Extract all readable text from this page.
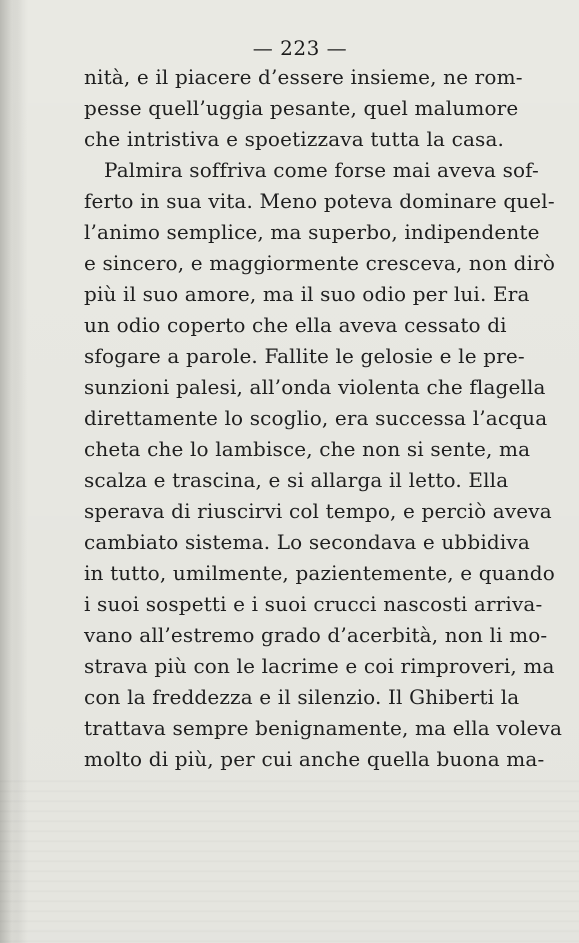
— 223 —
nità, e il piacere d’essere insieme, ne rom-
pesse quell’uggia pesante, quel malumore
che intristiva e spoetizzava tutta la casa.
Palmira soffriva come forse mai aveva sof-
ferto in sua vita. Meno poteva dominare quel-
l’animo semplice, ma superbo, indipendente
e sincero, e maggiormente cresceva, non dirò
più il suo amore, ma il suo odio per lui. Era
un odio coperto che ella aveva cessato di
sfogare a parole. Fallite le gelosie e le pre-
sunzioni palesi, all’onda violenta che flagella
direttamente lo scoglio, era successa l’acqua
cheta che lo lambisce, che non si sente, ma
scalza e trascina, e si allarga il letto. Ella
sperava di riuscirvi col tempo, e perciò aveva
cambiato sistema. Lo secondava e ubbidiva
in tutto, umilmente, pazientemente, e quando
i suoi sospetti e i suoi crucci nascosti arriva-
vano all’estremo grado d’acerbità, non li mo-
strava più con le lacrime e coi rimproveri, ma
con la freddezza e il silenzio. Il Ghiberti la
trattava sempre benignamente, ma ella voleva
molto di più, per cui anche quella buona ma-
